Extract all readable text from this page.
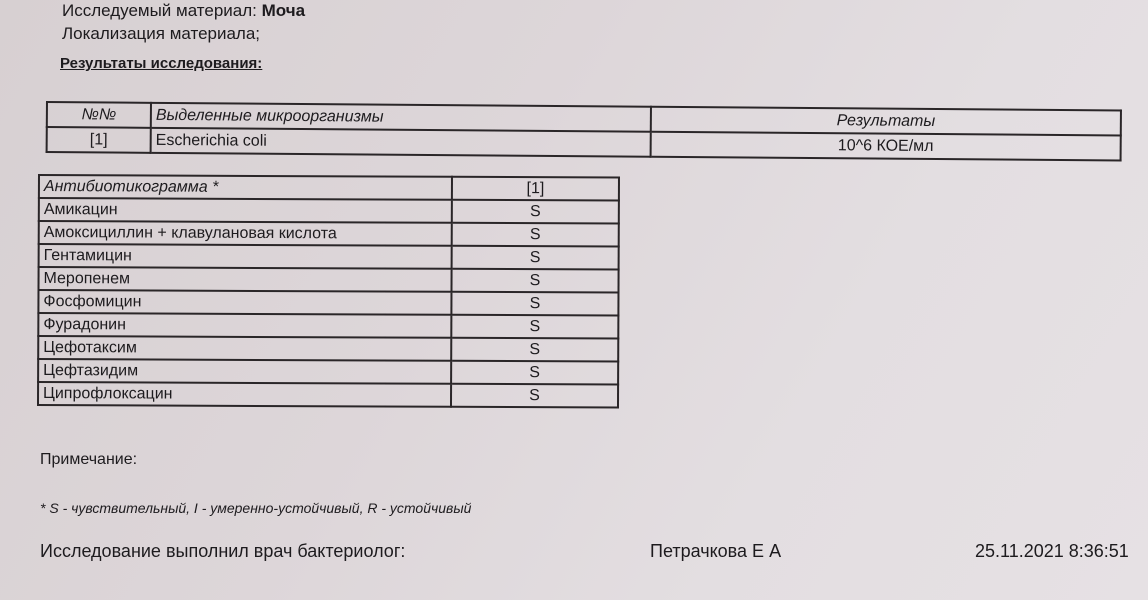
Исследуемый материал: Моча
Локализация материала;
Результаты исследования:
№№	Выделенные микроорганизмы	Результаты
[1]	Escherichia coli	10^6 КОЕ/мл
Антибиотикограмма *	[1]
Амикацин	S
Амоксициллин + клавулановая кислота	S
Гентамицин	S
Меропенем	S
Фосфомицин	S
Фурадонин	S
Цефотаксим	S
Цефтазидим	S
Ципрофлоксацин	S
Примечание:
* S - чувствительный, I - умеренно-устойчивый, R - устойчивый
Исследование выполнил врач бактериолог:	Петрачкова Е А	25.11.2021 8:36:51
